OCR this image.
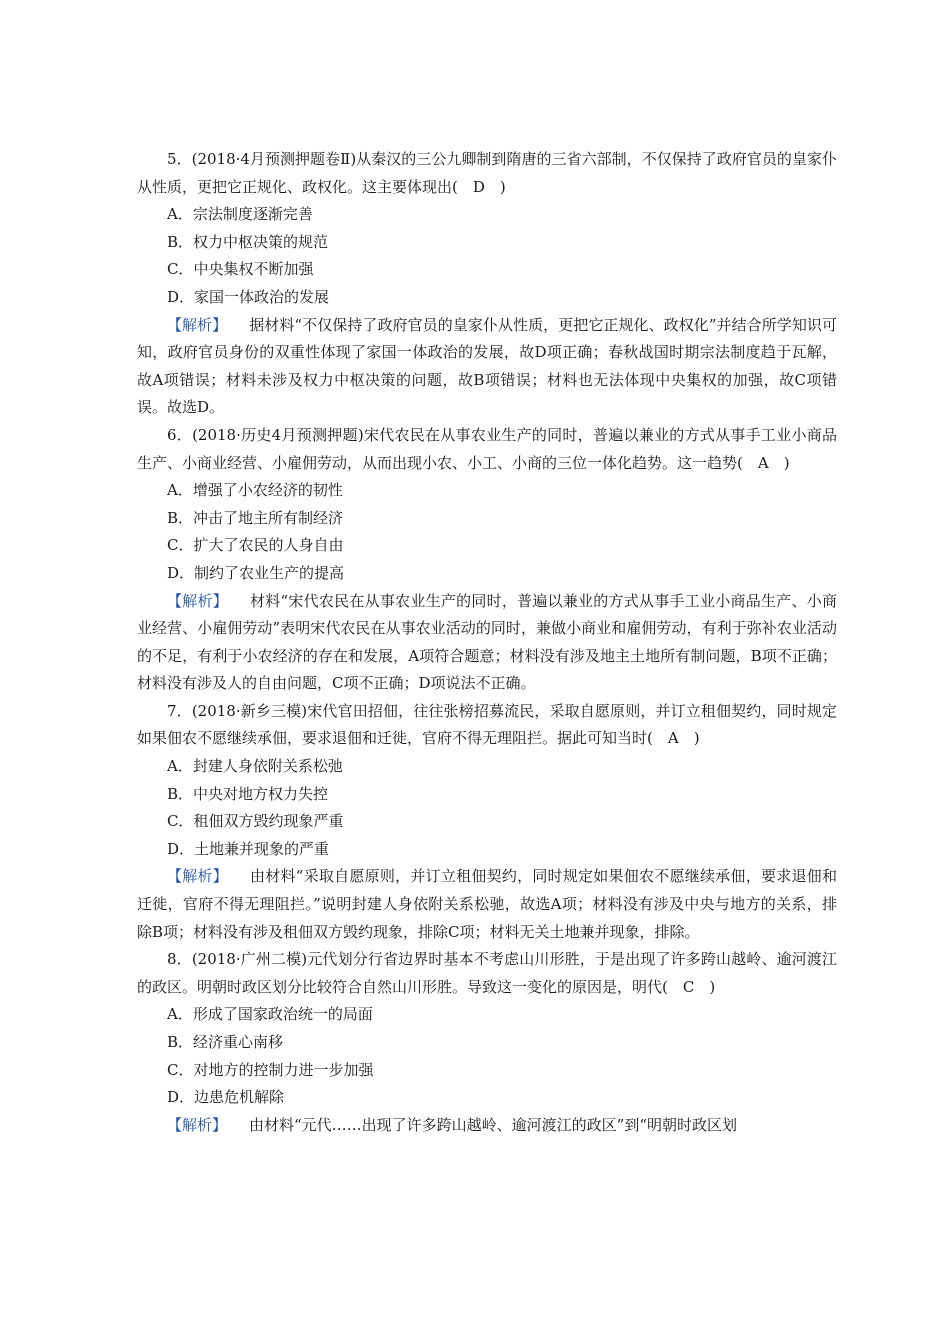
5．(2018·4月预测押题卷Ⅱ)从秦汉的三公九卿制到隋唐的三省六部制，不仅保持了政府官员的皇家仆从性质，更把它正规化、政权化。这主要体现出(　D　)

A．宗法制度逐渐完善

B．权力中枢决策的规范

C．中央集权不断加强

D．家国一体政治的发展

【解析】 据材料“不仅保持了政府官员的皇家仆从性质，更把它正规化、政权化”并结合所学知识可知，政府官员身份的双重性体现了家国一体政治的发展，故D项正确；春秋战国时期宗法制度趋于瓦解，故A项错误；材料未涉及权力中枢决策的问题，故B项错误；材料也无法体现中央集权的加强，故C项错误。故选D。

6．(2018·历史4月预测押题)宋代农民在从事农业生产的同时，普遍以兼业的方式从事手工业小商品生产、小商业经营、小雇佣劳动，从而出现小农、小工、小商的三位一体化趋势。这一趋势(　A　)

A．增强了小农经济的韧性

B．冲击了地主所有制经济

C．扩大了农民的人身自由

D．制约了农业生产的提高

【解析】 材料“宋代农民在从事农业生产的同时，普遍以兼业的方式从事手工业小商品生产、小商业经营、小雇佣劳动”表明宋代农民在从事农业活动的同时，兼做小商业和雇佣劳动，有利于弥补农业活动的不足，有利于小农经济的存在和发展，A项符合题意；材料没有涉及地主土地所有制问题，B项不正确；材料没有涉及人的自由问题，C项不正确；D项说法不正确。

7．(2018·新乡三模)宋代官田招佃，往往张榜招募流民，采取自愿原则，并订立租佃契约，同时规定如果佃农不愿继续承佃，要求退佃和迁徙，官府不得无理阻拦。据此可知当时(　A　)

A．封建人身依附关系松弛

B．中央对地方权力失控

C．租佃双方毁约现象严重

D．土地兼并现象的严重

【解析】 由材料“采取自愿原则，并订立租佃契约，同时规定如果佃农不愿继续承佃，要求退佃和迁徙，官府不得无理阻拦。”说明封建人身依附关系松驰，故选A项；材料没有涉及中央与地方的关系，排除B项；材料没有涉及租佃双方毁约现象，排除C项；材料无关土地兼并现象，排除。

8．(2018·广州二模)元代划分行省边界时基本不考虑山川形胜，于是出现了许多跨山越岭、逾河渡江的政区。明朝时政区划分比较符合自然山川形胜。导致这一变化的原因是，明代(　C　)

A．形成了国家政治统一的局面

B．经济重心南移

C．对地方的控制力进一步加强

D．边患危机解除

【解析】 由材料“元代……出现了许多跨山越岭、逾河渡江的政区”到“明朝时政区划
